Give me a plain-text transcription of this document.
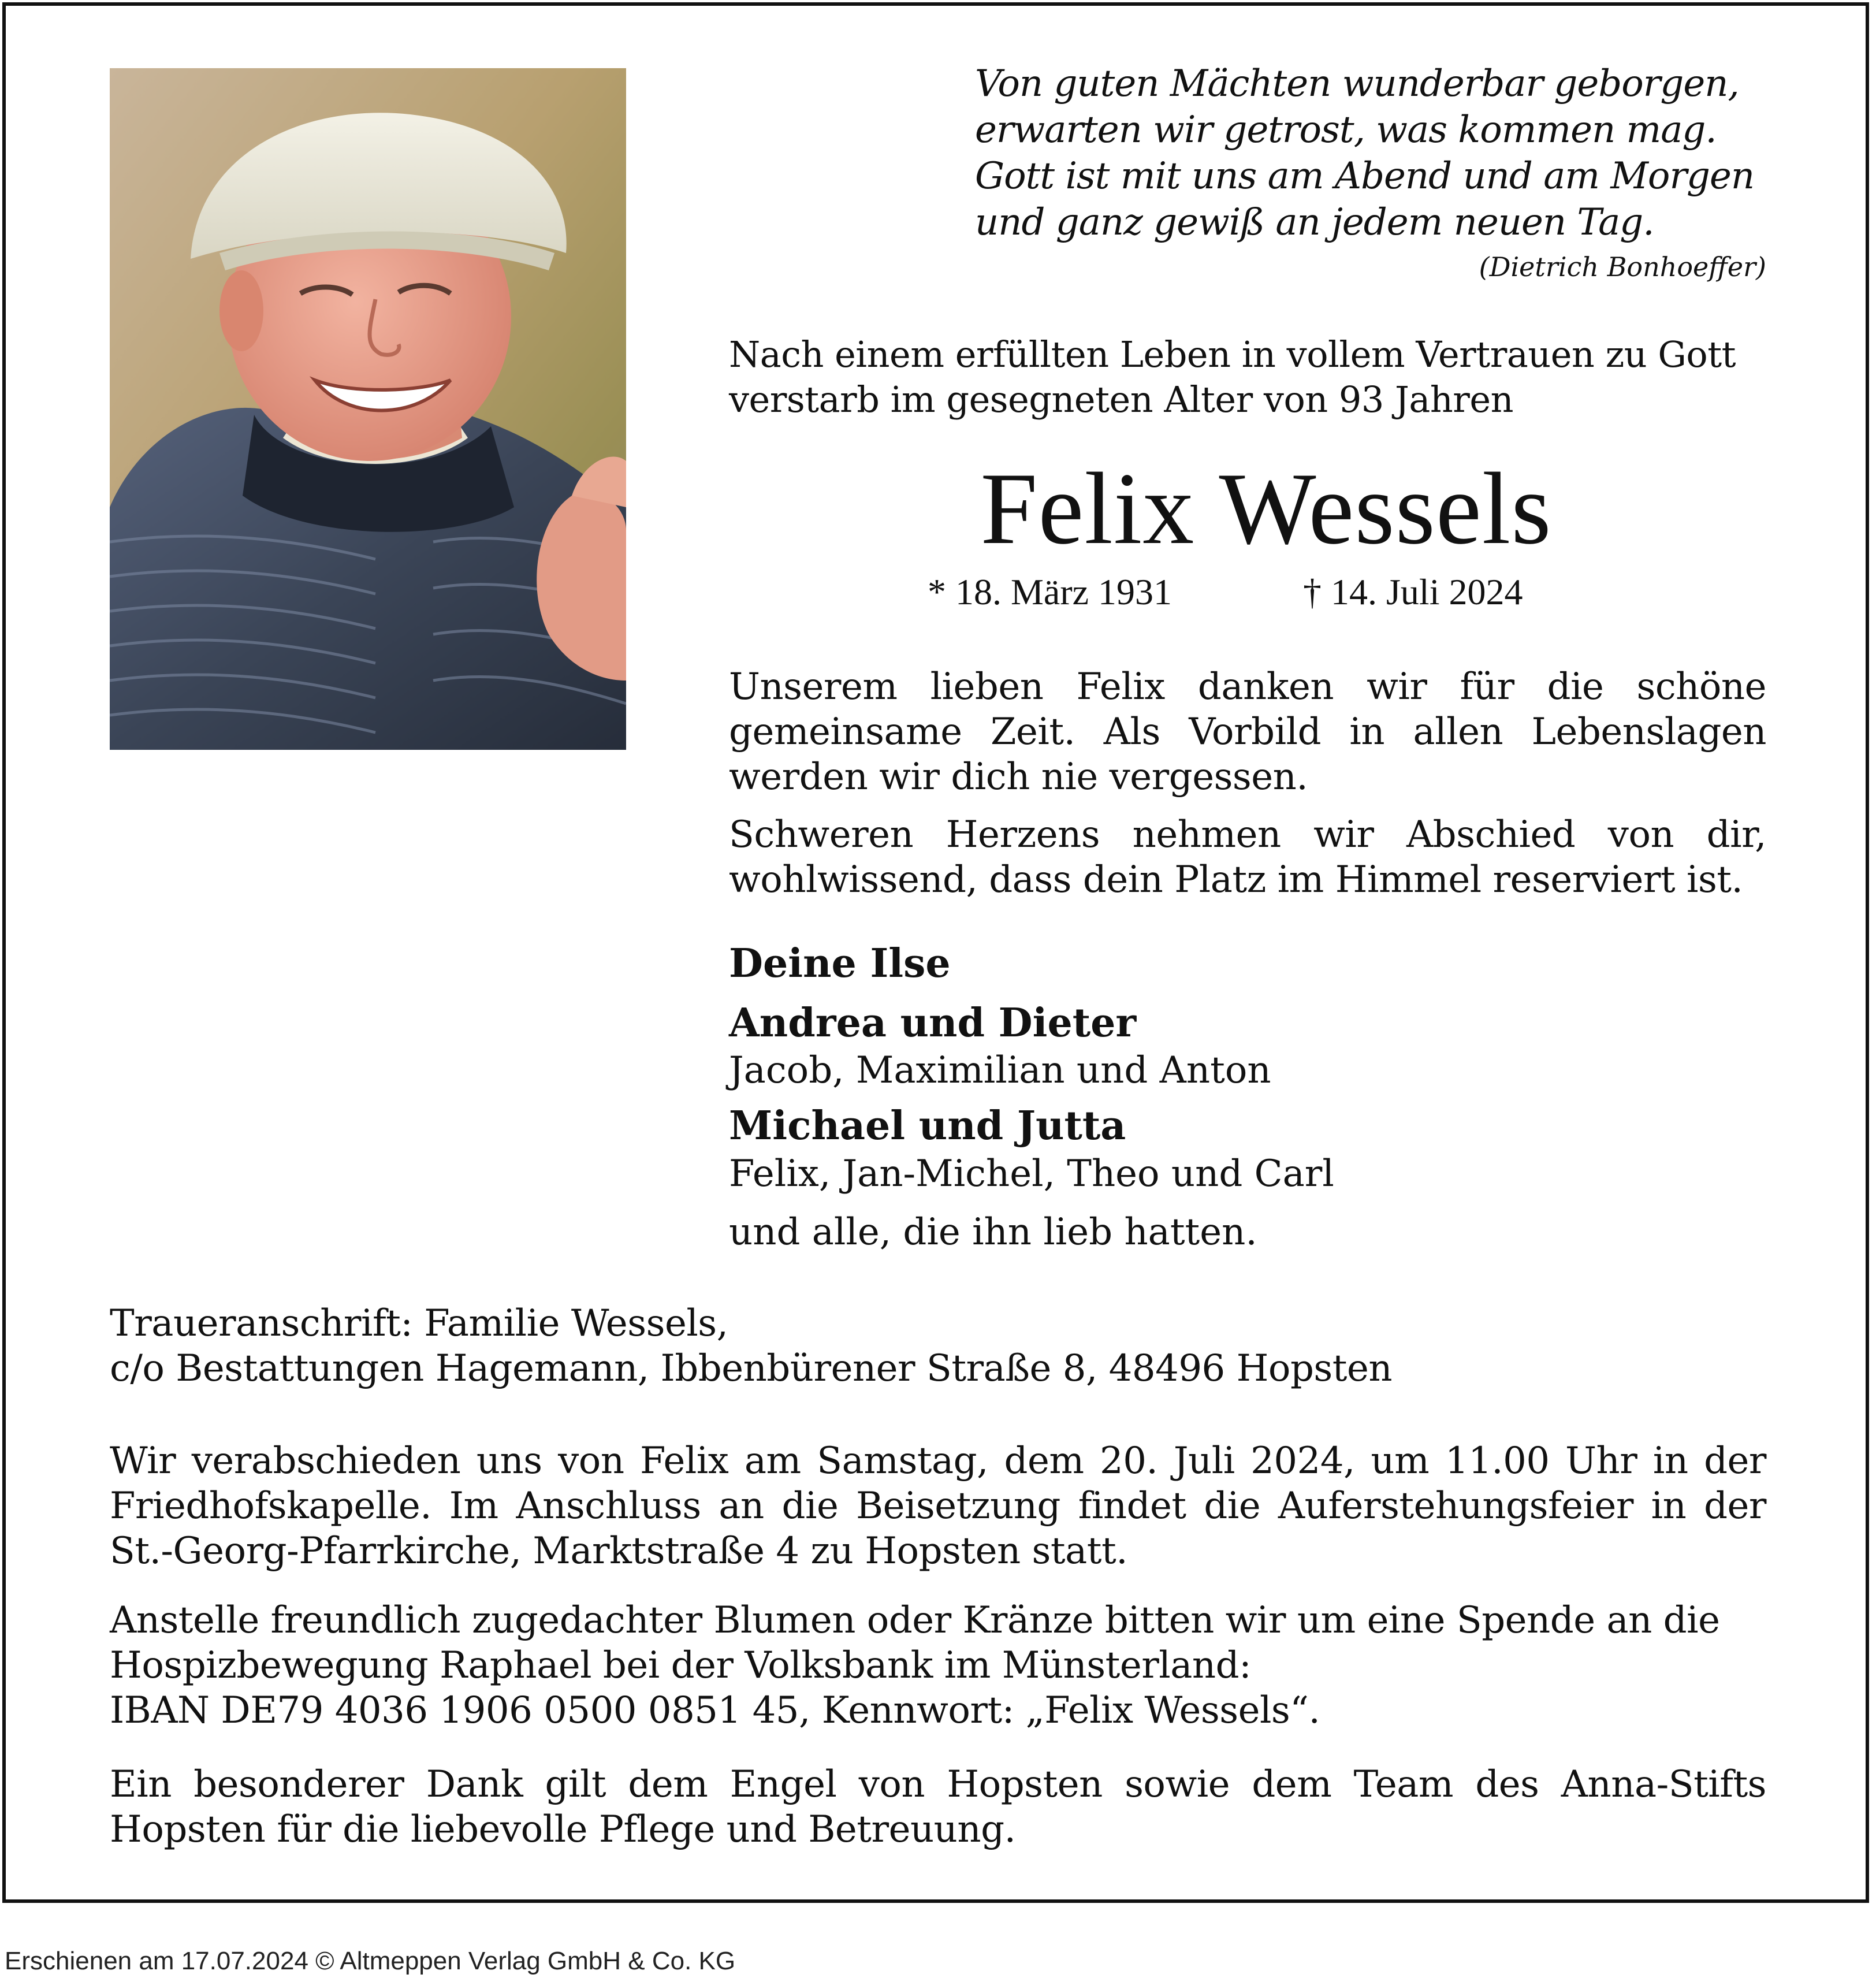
Von guten Mächten wunderbar geborgen,
erwarten wir getrost, was kommen mag.
Gott ist mit uns am Abend und am Morgen
und ganz gewiß an jedem neuen Tag.
(Dietrich Bonhoeffer)
Nach einem erfüllten Leben in vollem Vertrauen zu Gott
verstarb im gesegneten Alter von 93 Jahren
Felix Wessels
* 18. März 1931	† 14. Juli 2024
Unserem lieben Felix danken wir für die schöne gemeinsame Zeit. Als Vorbild in allen Lebenslagen werden wir dich nie vergessen.
Schweren Herzens nehmen wir Abschied von dir, wohlwissend, dass dein Platz im Himmel reserviert ist.
Deine Ilse
Andrea und Dieter
Jacob, Maximilian und Anton
Michael und Jutta
Felix, Jan-Michel, Theo und Carl
und alle, die ihn lieb hatten.
Traueranschrift: Familie Wessels,
c/o Bestattungen Hagemann, Ibbenbürener Straße 8, 48496 Hopsten
Wir verabschieden uns von Felix am Samstag, dem 20. Juli 2024, um 11.00 Uhr in der Friedhofskapelle. Im Anschluss an die Beisetzung findet die Auferstehungsfeier in der St.-Georg-Pfarrkirche, Marktstraße 4 zu Hopsten statt.
Anstelle freundlich zugedachter Blumen oder Kränze bitten wir um eine Spende an die
Hospizbewegung Raphael bei der Volksbank im Münsterland:
IBAN DE79 4036 1906 0500 0851 45, Kennwort: „Felix Wessels“.
Ein besonderer Dank gilt dem Engel von Hopsten sowie dem Team des Anna-Stifts Hopsten für die liebevolle Pflege und Betreuung.
Erschienen am 17.07.2024 © Altmeppen Verlag GmbH & Co. KG
